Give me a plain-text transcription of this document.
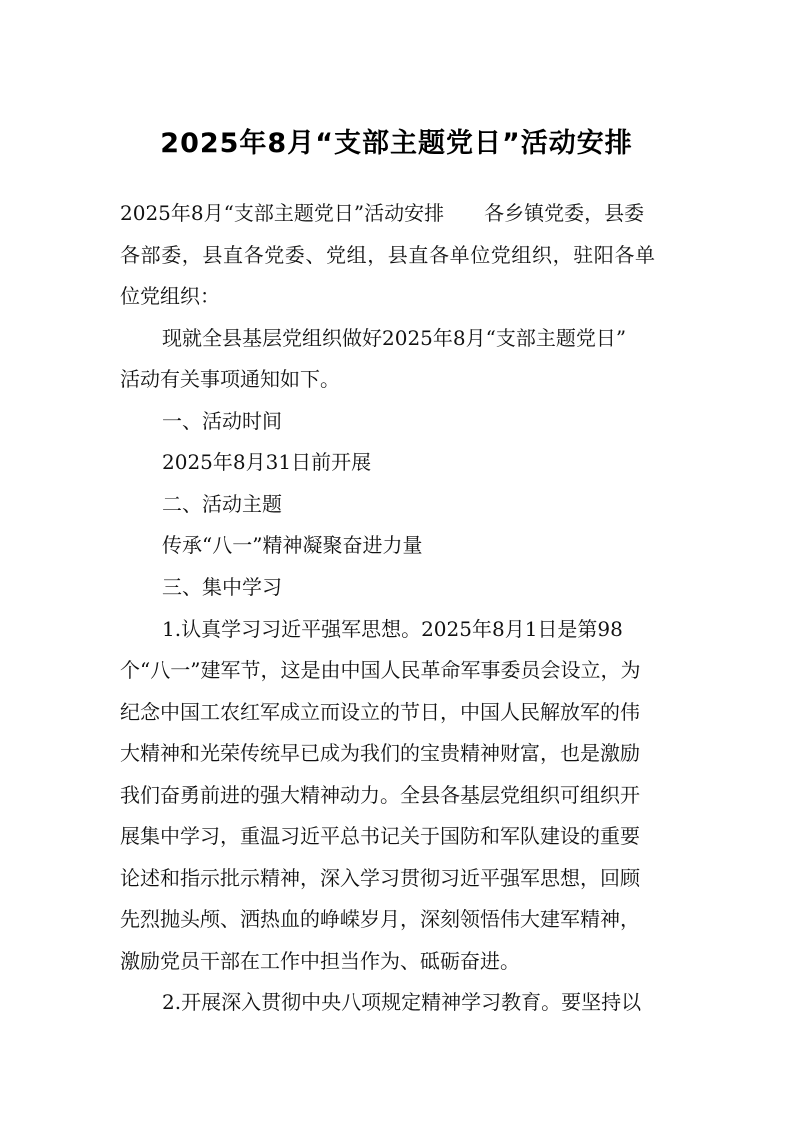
2025年8月“支部主题党日”活动安排
2025年8月“支部主题党日”活动安排　　各乡镇党委，县委
各部委，县直各党委、党组，县直各单位党组织，驻阳各单
位党组织：
现就全县基层党组织做好2025年8月“支部主题党日”
活动有关事项通知如下。
一、活动时间
2025年8月31日前开展
二、活动主题
传承“八一”精神凝聚奋进力量
三、集中学习
1.认真学习习近平强军思想。2025年8月1日是第98
个“八一”建军节，这是由中国人民革命军事委员会设立，为
纪念中国工农红军成立而设立的节日，中国人民解放军的伟
大精神和光荣传统早已成为我们的宝贵精神财富，也是激励
我们奋勇前进的强大精神动力。全县各基层党组织可组织开
展集中学习，重温习近平总书记关于国防和军队建设的重要
论述和指示批示精神，深入学习贯彻习近平强军思想，回顾
先烈抛头颅、洒热血的峥嵘岁月，深刻领悟伟大建军精神，
激励党员干部在工作中担当作为、砥砺奋进。
2.开展深入贯彻中央八项规定精神学习教育。要坚持以
